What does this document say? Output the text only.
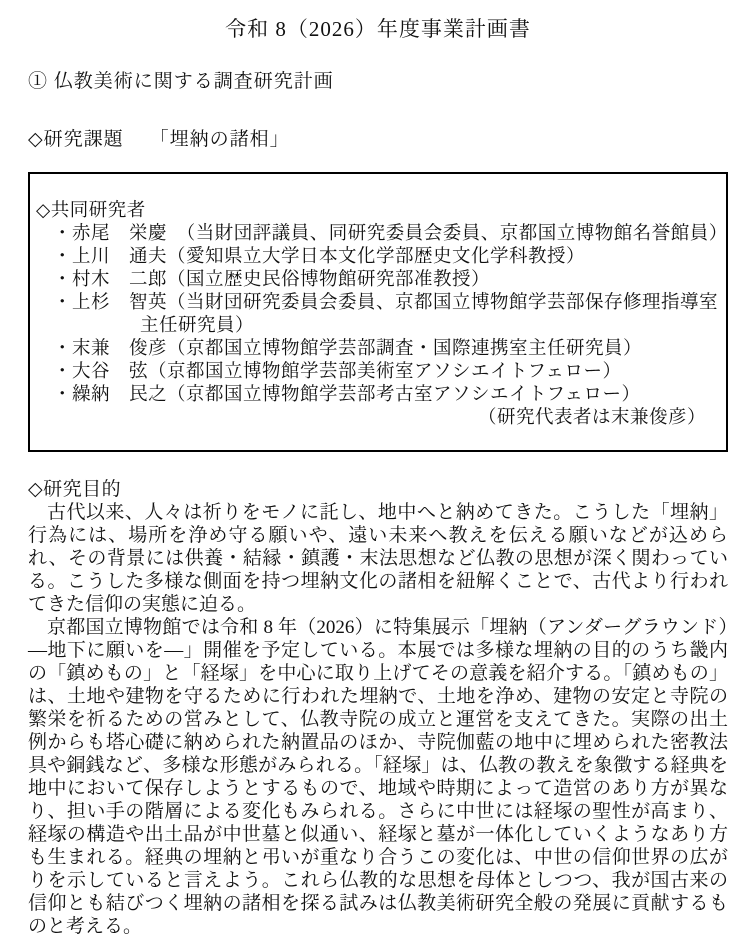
令和 8（2026）年度事業計画書
① 仏教美術に関する調査研究計画
◇研究課題 「埋納の諸相」
◇共同研究者
・赤尾　栄慶　（当財団評議員、同研究委員会委員、京都国立博物館名誉館員）
・上川　通夫（愛知県立大学日本文化学部歴史文化学科教授）
・村木　二郎（国立歴史民俗博物館研究部准教授）
・上杉　智英（当財団研究委員会委員、京都国立博物館学芸部保存修理指導室
主任研究員）
・末兼　俊彦（京都国立博物館学芸部調査・国際連携室主任研究員）
・大谷　弦（京都国立博物館学芸部美術室アソシエイトフェロー）
・繰納　民之（京都国立博物館学芸部考古室アソシエイトフェロー）
（研究代表者は末兼俊彦）
◇研究目的

古代以来、人々は祈りをモノに託し、地中へと納めてきた。こうした「埋納」行為には、場所を浄め守る願いや、遠い未来へ教えを伝える願いなどが込められ、その背景には供養・結縁・鎮護・末法思想など仏教の思想が深く関わっている。こうした多様な側面を持つ埋納文化の諸相を紐解くことで、古代より行われてきた信仰の実態に迫る。

京都国立博物館では令和 8 年（2026）に特集展示「埋納（アンダーグラウンド）―地下に願いを―」開催を予定している。本展では多様な埋納の目的のうち畿内の「鎮めもの」と「経塚」を中心に取り上げてその意義を紹介する。「鎮めもの」は、土地や建物を守るために行われた埋納で、土地を浄め、建物の安定と寺院の繁栄を祈るための営みとして、仏教寺院の成立と運営を支えてきた。実際の出土例からも塔心礎に納められた納置品のほか、寺院伽藍の地中に埋められた密教法具や銅銭など、多様な形態がみられる。「経塚」は、仏教の教えを象徴する経典を地中において保存しようとするもので、地域や時期によって造営のあり方が異なり、担い手の階層による変化もみられる。さらに中世には経塚の聖性が高まり、経塚の構造や出土品が中世墓と似通い、経塚と墓が一体化していくようなあり方も生まれる。経典の埋納と弔いが重なり合うこの変化は、中世の信仰世界の広がりを示していると言えよう。これら仏教的な思想を母体としつつ、我が国古来の信仰とも結びつく埋納の諸相を探る試みは仏教美術研究全般の発展に貢献するものと考える。
